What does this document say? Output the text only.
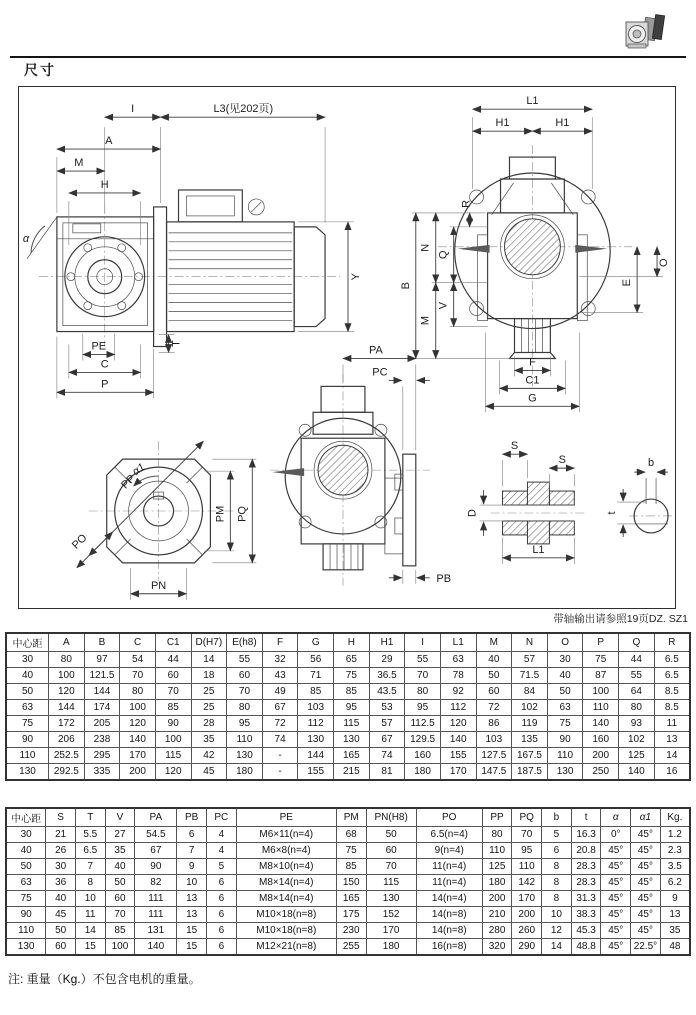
尺寸
α
I	L3(见202页)
A
M
H
Y
PE	T
C
P
L1
H1	H1
B
N
M
Q
V
R
O
E
F
C1
G
PP
α1
PO
PN
PM PQ
PA
PC
PB
S
S
D
L1
b
t
带轴输出请参照19页DZ. SZ1
中心距	A	B	C	C1	D(H7)	E(h8)	F	G	H	H1	I	L1	M	N	O	P	Q	R
30	80	97	54	44	14	55	32	56	65	29	55	63	40	57	30	75	44	6.5
40	100	121.5	70	60	18	60	43	71	75	36.5	70	78	50	71.5	40	87	55	6.5
50	120	144	80	70	25	70	49	85	85	43.5	80	92	60	84	50	100	64	8.5
63	144	174	100	85	25	80	67	103	95	53	95	112	72	102	63	110	80	8.5
75	172	205	120	90	28	95	72	112	115	57	112.5	120	86	119	75	140	93	11
90	206	238	140	100	35	110	74	130	130	67	129.5	140	103	135	90	160	102	13
110	252.5	295	170	115	42	130	-	144	165	74	160	155	127.5	167.5	110	200	125	14
130	292.5	335	200	120	45	180	-	155	215	81	180	170	147.5	187.5	130	250	140	16
中心距	S	T	V	PA	PB	PC	PE	PM	PN(H8)	PO	PP	PQ	b	t	α	α1	Kg.
30	21	5.5	27	54.5	6	4	M6×11(n=4)	68	50	6.5(n=4)	80	70	5	16.3	0°	45°	1.2
40	26	6.5	35	67	7	4	M6×8(n=4)	75	60	9(n=4)	110	95	6	20.8	45°	45°	2.3
50	30	7	40	90	9	5	M8×10(n=4)	85	70	11(n=4)	125	110	8	28.3	45°	45°	3.5
63	36	8	50	82	10	6	M8×14(n=4)	150	115	11(n=4)	180	142	8	28.3	45°	45°	6.2
75	40	10	60	111	13	6	M8×14(n=4)	165	130	14(n=4)	200	170	8	31.3	45°	45°	9
90	45	11	70	111	13	6	M10×18(n=8)	175	152	14(n=8)	210	200	10	38.3	45°	45°	13
110	50	14	85	131	15	6	M10×18(n=8)	230	170	14(n=8)	280	260	12	45.3	45°	45°	35
130	60	15	100	140	15	6	M12×21(n=8)	255	180	16(n=8)	320	290	14	48.8	45°	22.5°	48
注: 重量（Kg.）不包含电机的重量。
